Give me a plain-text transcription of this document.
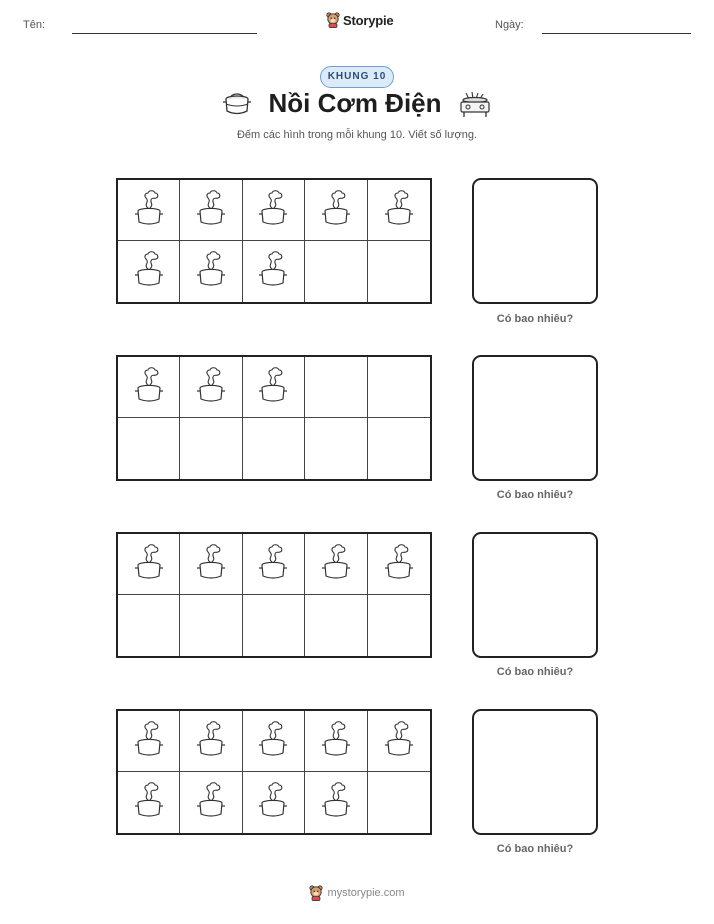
Tên:	Storypie	Ngày:
KHUNG 10
Nồi Cơm Điện
Đếm các hình trong mỗi khung 10. Viết số lượng.
Có bao nhiêu?
Có bao nhiêu?
Có bao nhiêu?
Có bao nhiêu?
mystorypie.com
